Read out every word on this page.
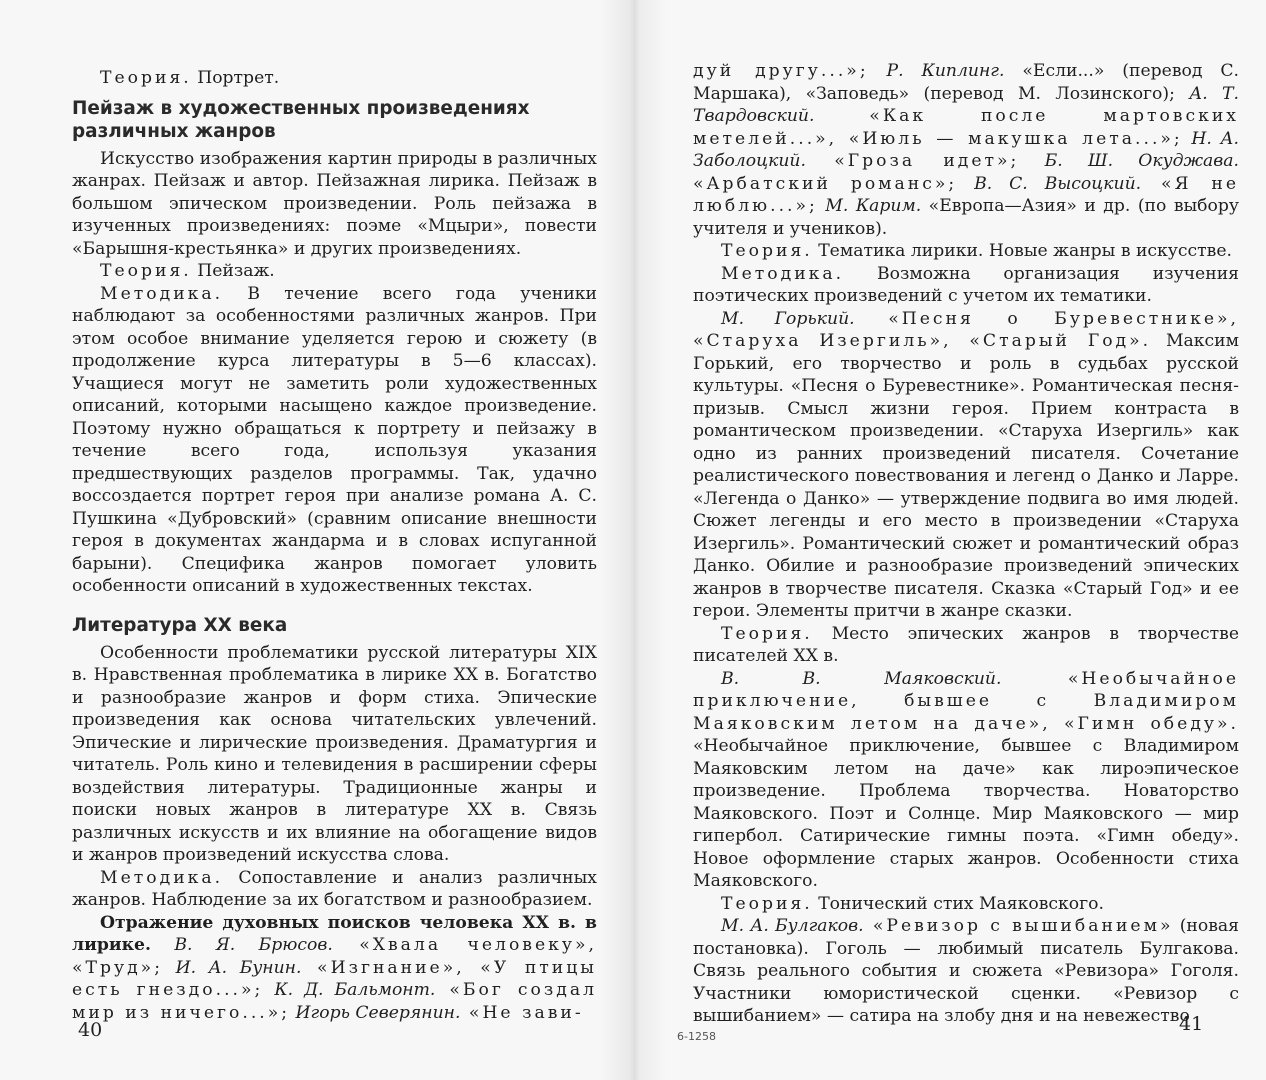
Теория. Портрет.

Пейзаж в художественных произведениях различных жанров

Искусство изображения картин природы в различных жанрах. Пейзаж и автор. Пейзажная лирика. Пейзаж в большом эпическом произведении. Роль пейзажа в изученных произведениях: поэме «Мцыри», повести «Барышня-крестьянка» и других произведениях.

Теория. Пейзаж.

Методика. В течение всего года ученики наблюдают за особенностями различных жанров. При этом особое внимание уделяется герою и сюжету (в продолжение курса литературы в 5—6 классах). Учащиеся могут не заметить роли художественных описаний, которыми насыщено каждое произведение. Поэтому нужно обращаться к портрету и пейзажу в течение всего года, используя указания предшествующих разделов программы. Так, удачно воссоздается портрет героя при анализе романа А. С. Пушкина «Дубровский» (сравним описание внешности героя в документах жандарма и в словах испуганной барыни). Специфика жанров помогает уловить особенности описаний в художественных текстах.

Литература XX века

Особенности проблематики русской литературы XIX в. Нравственная проблематика в лирике XX в. Богатство и разнообразие жанров и форм стиха. Эпические произведения как основа читательских увлечений. Эпические и лирические произведения. Драматургия и читатель. Роль кино и телевидения в расширении сферы воздействия литературы. Традиционные жанры и поиски новых жанров в литературе XX в. Связь различных искусств и их влияние на обогащение видов и жанров произведений искусства слова.

Методика. Сопоставление и анализ различных жанров. Наблюдение за их богатством и разнообразием.

Отражение духовных поисков человека XX в. в лирике. В. Я. Брюсов. «Хвала человеку», «Труд»; И. А. Бунин. «Изгнание», «У птицы есть гнездо...»; К. Д. Бальмонт. «Бог создал мир из ничего...»; Игорь Северянин. «Не зави-

40

дуй другу...»; Р. Киплинг. «Если...» (перевод С. Маршака), «Заповедь» (перевод М. Лозинского); А. Т. Твардовский. «Как после мартовских метелей...», «Июль — макушка лета...»; Н. А. Заболоцкий. «Гроза идет»; Б. Ш. Окуджава. «Арбатский романс»; В. С. Высоцкий. «Я не люблю...»; М. Карим. «Европа—Азия» и др. (по выбору учителя и учеников).

Теория. Тематика лирики. Новые жанры в искусстве.

Методика. Возможна организация изучения поэтических произведений с учетом их тематики.

М. Горький. «Песня о Буревестнике», «Старуха Изергиль», «Старый Год». Максим Горький, его творчество и роль в судьбах русской культуры. «Песня о Буревестнике». Романтическая песня-призыв. Смысл жизни героя. Прием контраста в романтическом произведении. «Старуха Изергиль» как одно из ранних произведений писателя. Сочетание реалистического повествования и легенд о Данко и Ларре. «Легенда о Данко» — утверждение подвига во имя людей. Сюжет легенды и его место в произведении «Старуха Изергиль». Романтический сюжет и романтический образ Данко. Обилие и разнообразие произведений эпических жанров в творчестве писателя. Сказка «Старый Год» и ее герои. Элементы притчи в жанре сказки.

Теория. Место эпических жанров в творчестве писателей XX в.

В. В. Маяковский. «Необычайное приключение, бывшее с Владимиром Маяковским летом на даче», «Гимн обеду». «Необычайное приключение, бывшее с Владимиром Маяковским летом на даче» как лироэпическое произведение. Проблема творчества. Новаторство Маяковского. Поэт и Солнце. Мир Маяковского — мир гипербол. Сатирические гимны поэта. «Гимн обеду». Новое оформление старых жанров. Особенности стиха Маяковского.

Теория. Тонический стих Маяковского.

М. А. Булгаков. «Ревизор с вышибанием» (новая постановка). Гоголь — любимый писатель Булгакова. Связь реального события и сюжета «Ревизора» Гоголя. Участники юмористической сценки. «Ревизор с вышибанием» — сатира на злобу дня и на невежество

6-1258
41
